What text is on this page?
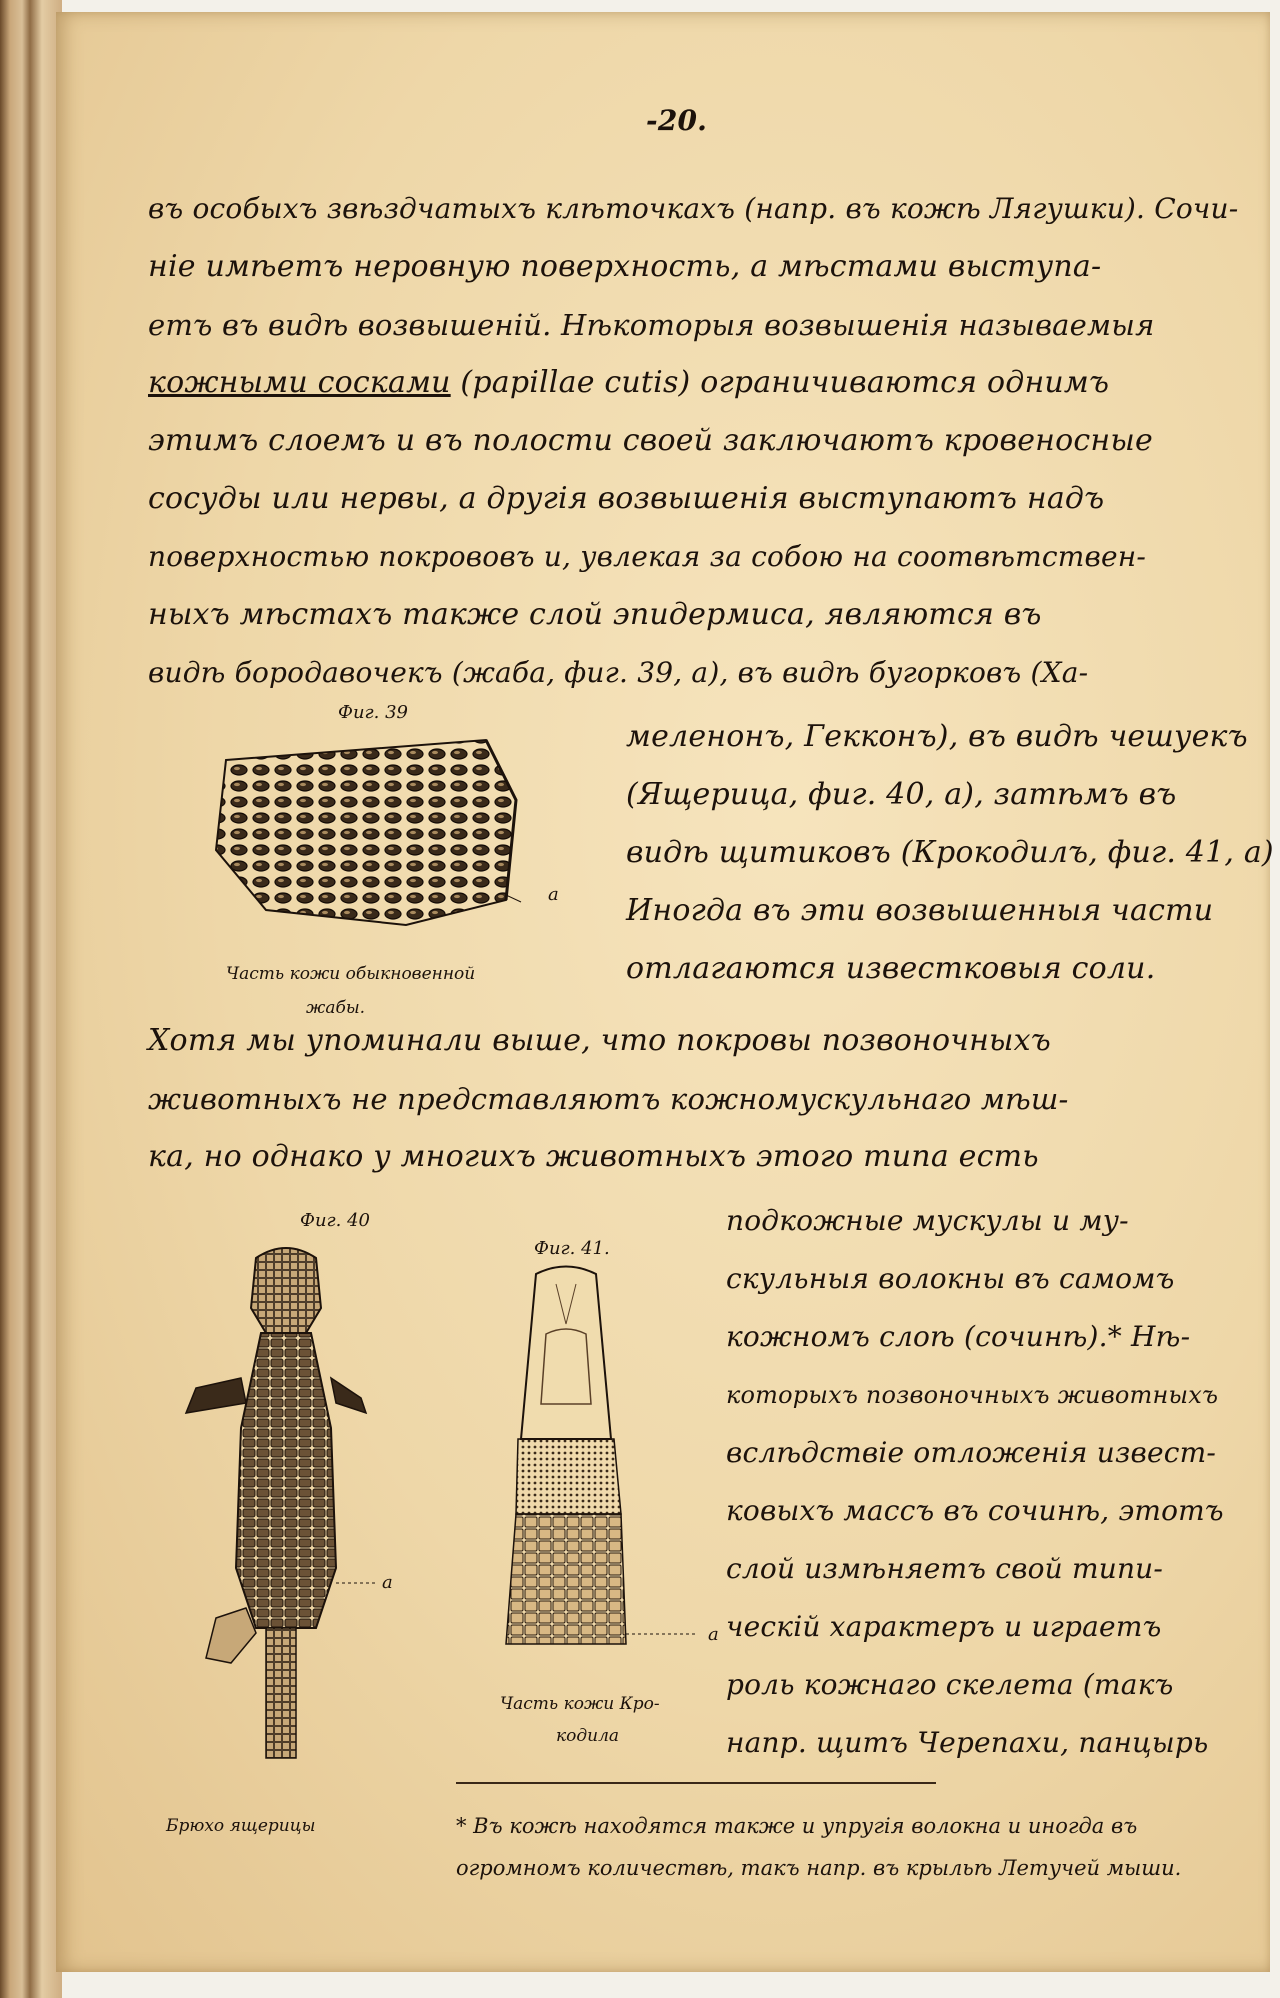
-20.
въ особыхъ звѣздчатыхъ клѣточкахъ (напр. въ кожѣ Лягушки). Сочи-
ніе имѣетъ неровную поверхность, а мѣстами выступа-
етъ въ видѣ возвышеній. Нѣкоторыя возвышенія называемыя
кожными сосками (papillae cutis) ограничиваются однимъ
этимъ слоемъ и въ полости своей заключаютъ кровеносные
сосуды или нервы, а другія возвышенія выступаютъ надъ
поверхностью покрововъ и, увлекая за собою на соотвѣтствен-
ныхъ мѣстахъ также слой эпидермиса, являются въ
видѣ бородавочекъ (жаба, фиг. 39, а), въ видѣ бугорковъ (Ха-
Фиг. 39
а
Часть кожи обыкновенной
жабы.
меленонъ, Гекконъ), въ видѣ чешуекъ
(Ящерица, фиг. 40, а), затѣмъ въ
видѣ щитиковъ (Крокодилъ, фиг. 41, а)
Иногда въ эти возвышенныя части
отлагаются известковыя соли.
Хотя мы упоминали выше, что покровы позвоночныхъ
животныхъ не представляютъ кожномускульнаго мѣш-
ка, но однако у многихъ животныхъ этого типа есть
Фиг. 40
а
Брюхо ящерицы
Фиг. 41.
а
Часть кожи Кро-
кодила
подкожные мускулы и му-
скульныя волокны въ самомъ
кожномъ слоѣ (сочинѣ).* Нѣ-
которыхъ позвоночныхъ животныхъ
вслѣдствіе отложенія извест-
ковыхъ массъ въ сочинѣ, этотъ
слой измѣняетъ свой типи-
ческій характеръ и играетъ
роль кожнаго скелета (такъ
напр. щитъ Черепахи, панцырь
* Въ кожѣ находятся также и упругія волокна и иногда въ
огромномъ количествѣ, такъ напр. въ крыльѣ Летучей мыши.
